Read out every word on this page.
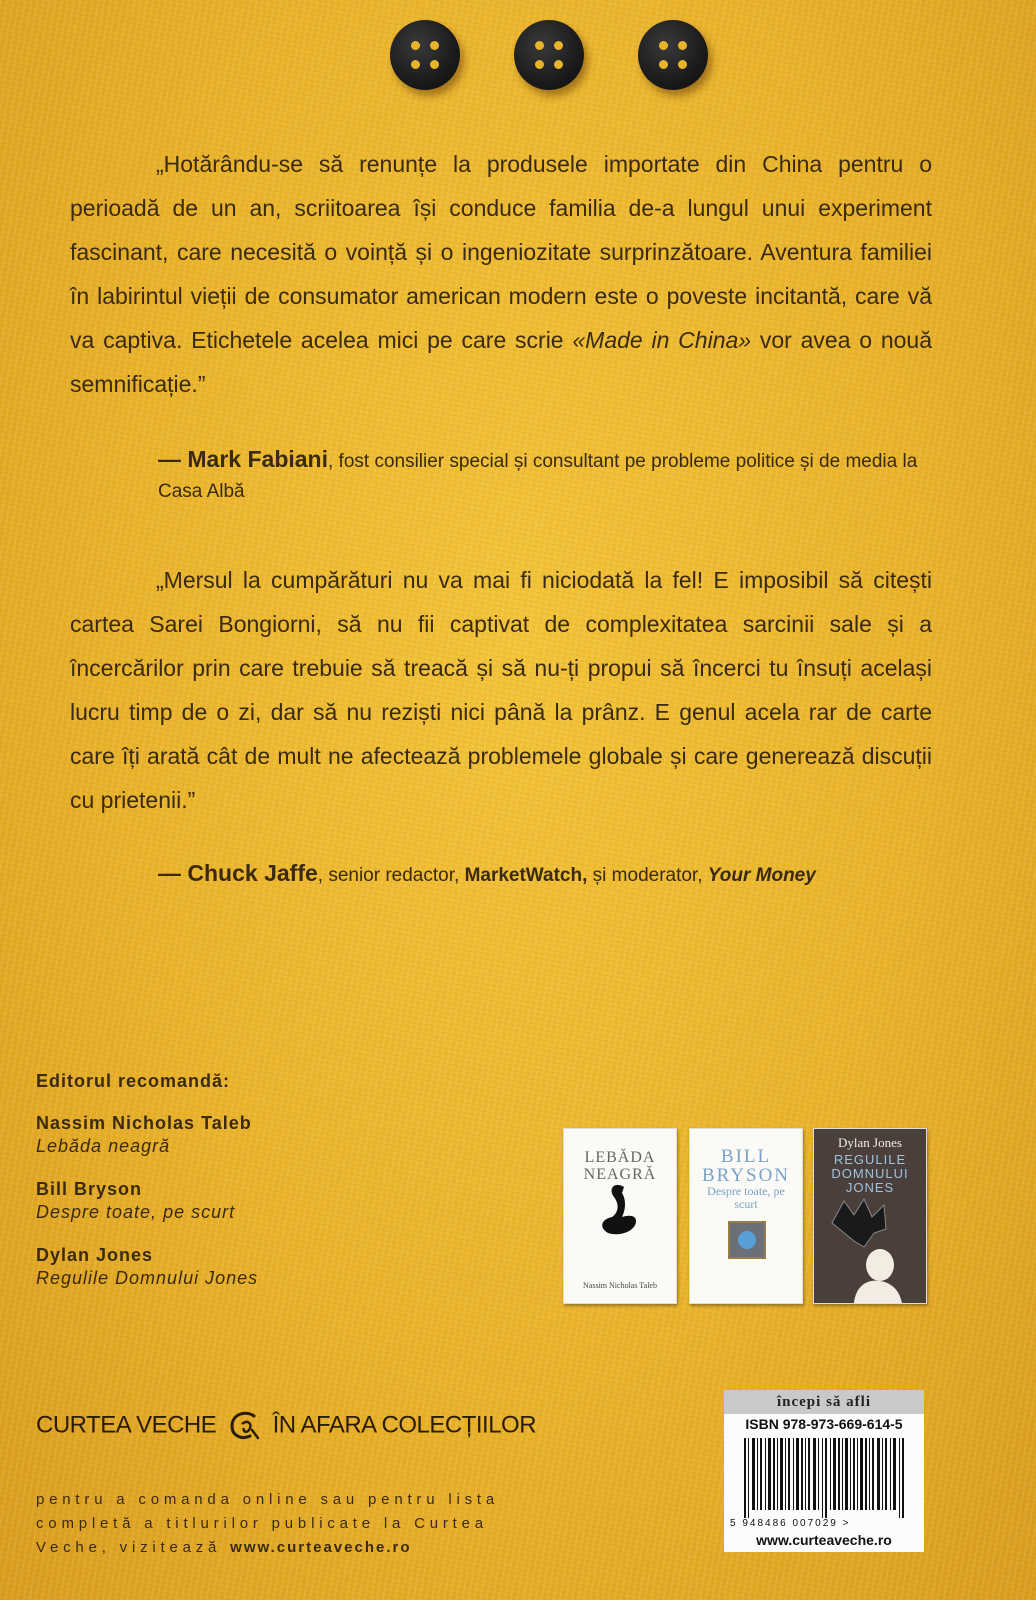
„Hotărându-se să renunțe la produsele importate din China pentru o perioadă de un an, scriitoarea își conduce familia de-a lungul unui experiment fascinant, care necesită o voință și o ingeniozitate surprinzătoare. Aventura familiei în labirintul vieții de consumator american modern este o poveste incitantă, care vă va captiva. Etichetele acelea mici pe care scrie «Made in China» vor avea o nouă semnificație.”
— Mark Fabiani, fost consilier special și consultant pe probleme politice și de media la Casa Albă
„Mersul la cumpărături nu va mai fi niciodată la fel! E imposibil să citești cartea Sarei Bongiorni, să nu fii captivat de complexitatea sarcinii sale și a încercărilor prin care trebuie să treacă și să nu-ți propui să încerci tu însuți același lucru timp de o zi, dar să nu reziști nici până la prânz. E genul acela rar de carte care îți arată cât de mult ne afectează problemele globale și care generează discuții cu prietenii.”
— Chuck Jaffe, senior redactor, MarketWatch, și moderator, Your Money
Editorul recomandă:
Nassim Nicholas Taleb
Lebăda neagră
Bill Bryson
Despre toate, pe scurt
Dylan Jones
Regulile Domnului Jones
LEBĂDA NEAGRĂ
Nassim Nicholas Taleb
BILL BRYSON
Despre toate, pe scurt
Dylan Jones
REGULILE DOMNULUI JONES
CURTEA VECHE ÎN AFARA COLECȚIILOR
pentru a comanda online sau pentru lista completă a titlurilor publicate la Curtea Veche, vizitează www.curteaveche.ro
începi să afli
ISBN 978-973-669-614-5
5 948486 007029 >
www.curteaveche.ro
